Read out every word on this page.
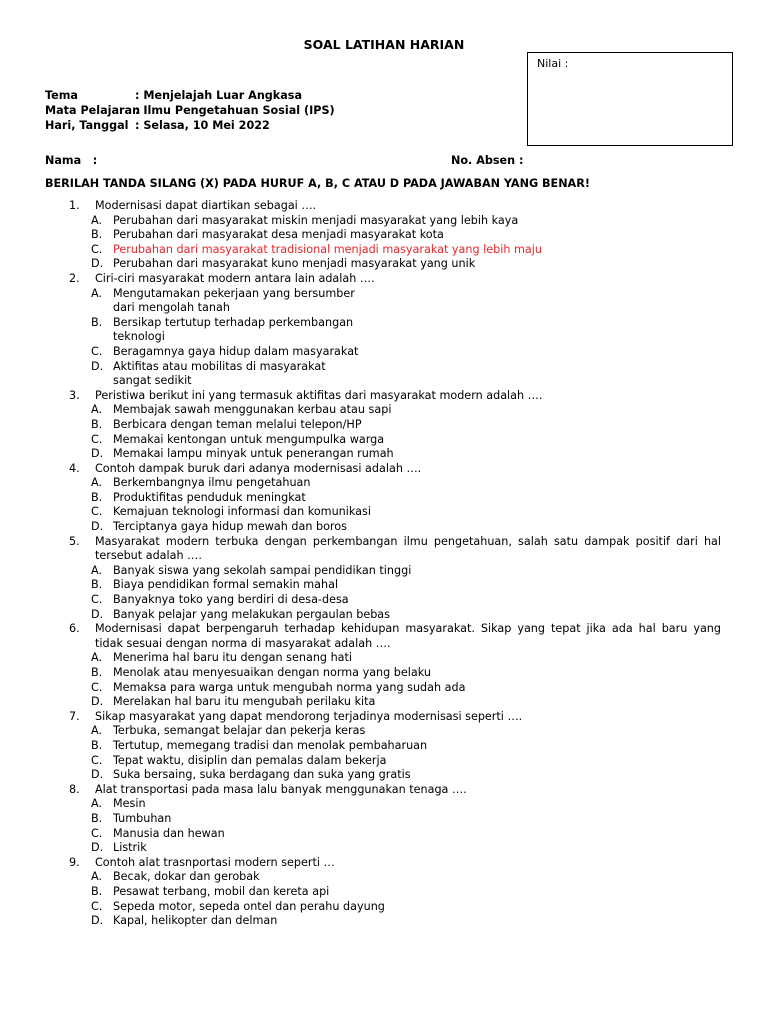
SOAL LATIHAN HARIAN
Nilai :
Tema	: Menjelajah Luar Angkasa
Mata Pelajaran: Ilmu Pengetahuan Sosial (IPS)
Hari, Tanggal : Selasa, 10 Mei 2022
Nama   :	No. Absen :
BERILAH TANDA SILANG (X) PADA HURUF A, B, C ATAU D PADA JAWABAN YANG BENAR!
1.	Modernisasi dapat diartikan sebagai ….
A. Perubahan dari masyarakat miskin menjadi masyarakat yang lebih kaya
B. Perubahan dari masyarakat desa menjadi masyarakat kota
C. Perubahan dari masyarakat tradisional menjadi masyarakat yang lebih maju
D. Perubahan dari masyarakat kuno menjadi masyarakat yang unik
2.	Ciri-ciri masyarakat modern antara lain adalah ….
A. Mengutamakan pekerjaan yang bersumber dari mengolah tanah
B. Bersikap tertutup terhadap perkembangan teknologi
C. Beragamnya gaya hidup dalam masyarakat
D. Aktifitas atau mobilitas di masyarakat sangat sedikit
3.	Peristiwa berikut ini yang termasuk aktifitas dari masyarakat modern adalah ….
A. Membajak sawah menggunakan kerbau atau sapi
B. Berbicara dengan teman melalui telepon/HP
C. Memakai kentongan untuk mengumpulka warga
D. Memakai lampu minyak untuk penerangan rumah
4.	Contoh dampak buruk dari adanya modernisasi adalah ….
A. Berkembangnya ilmu pengetahuan
B. Produktifitas penduduk meningkat
C. Kemajuan teknologi informasi dan komunikasi
D. Terciptanya gaya hidup mewah dan boros
5.	Masyarakat modern terbuka dengan perkembangan ilmu pengetahuan, salah satu dampak positif dari hal tersebut adalah ….
A. Banyak siswa yang sekolah sampai pendidikan tinggi
B. Biaya pendidikan formal semakin mahal
C. Banyaknya toko yang berdiri di desa-desa
D. Banyak pelajar yang melakukan pergaulan bebas
6.	Modernisasi dapat berpengaruh terhadap kehidupan masyarakat. Sikap yang tepat jika ada hal baru yang tidak sesuai dengan norma di masyarakat adalah ….
A. Menerima hal baru itu dengan senang hati
B. Menolak atau menyesuaikan dengan norma yang belaku
C. Memaksa para warga untuk mengubah norma yang sudah ada
D. Merelakan hal baru itu mengubah perilaku kita
7.	Sikap masyarakat yang dapat mendorong terjadinya modernisasi seperti ….
A. Terbuka, semangat belajar dan pekerja keras
B. Tertutup, memegang tradisi dan menolak pembaharuan
C. Tepat waktu, disiplin dan pemalas dalam bekerja
D. Suka bersaing, suka berdagang dan suka yang gratis
8.	Alat transportasi pada masa lalu banyak menggunakan tenaga ….
A. Mesin
B. Tumbuhan
C. Manusia dan hewan
D. Listrik
9.	Contoh alat trasnportasi modern seperti …
A. Becak, dokar dan gerobak
B. Pesawat terbang, mobil dan kereta api
C. Sepeda motor, sepeda ontel dan perahu dayung
D. Kapal, helikopter dan delman
